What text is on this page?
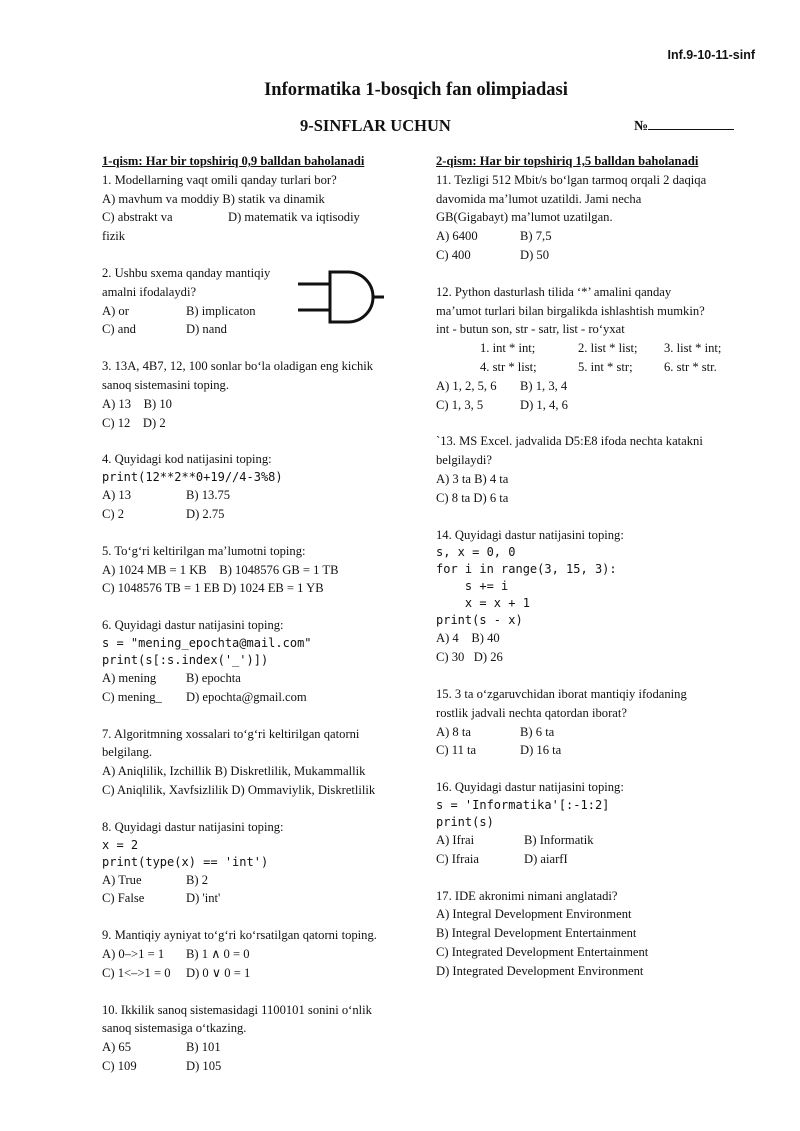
Inf.9-10-11-sinf
Informatika 1-bosqich fan olimpiadasi
9-SINFLAR UCHUN	№
1-qism: Har bir topshiriq 0,9 balldan baholanadi
1. Modellarning vaqt omili qanday turlari bor?
A) mavhum va moddiy B) statik va dinamik
C) abstrakt va fizik
D) matematik va iqtisodiy
2. Ushbu sxema qanday mantiqiy
amalni ifodalaydi?
A) or	B) implicaton
C) and	D) nand
3. 13A, 4B7, 12, 100 sonlar bo‘la oladigan eng kichik
sanoq sistemasini toping.
A) 13    B) 10
C) 12    D) 2
4. Quyidagi kod natijasini toping:
print(12**2**0+19//4-3%8)
A) 13	B) 13.75
C) 2	D) 2.75
5. To‘g‘ri keltirilgan ma’lumotni toping:
A) 1024 MB = 1 KB    B) 1048576 GB = 1 TB
C) 1048576 TB = 1 EB D) 1024 EB = 1 YB
6. Quyidagi dastur natijasini toping:
s = "mening_epochta@mail.com"
print(s[:s.index('_')])
A) mening	B) epochta
C) mening_	D) epochta@gmail.com
7. Algoritmning xossalari to‘g‘ri keltirilgan qatorni
belgilang.
A) Aniqlilik, Izchillik B) Diskretlilik, Mukammallik
C) Aniqlilik, Xavfsizlilik D) Ommaviylik, Diskretlilik
8. Quyidagi dastur natijasini toping:
x = 2
print(type(x) == 'int')
A) True	B) 2
C) False	D) 'int'
9. Mantiqiy ayniyat to‘g‘ri ko‘rsatilgan qatorni toping.
A) 0–>1 = 1	B) 1 ∧ 0 = 0
C) 1<–>1 = 0	D) 0 ∨ 0 = 1
10. Ikkilik sanoq sistemasidagi 1100101 sonini o‘nlik
sanoq sistemasiga o‘tkazing.
A) 65	B) 101
C) 109	D) 105
2-qism: Har bir topshiriq 1,5 balldan baholanadi
11. Tezligi 512 Mbit/s bo‘lgan tarmoq orqali 2 daqiqa
davomida ma’lumot uzatildi. Jami necha
GB(Gigabayt) ma’lumot uzatilgan.
A) 6400	B) 7,5
C) 400	D) 50
12. Python dasturlash tilida ‘*’ amalini qanday
ma’umot turlari bilan birgalikda ishlashtish mumkin?
int - butun son, str - satr, list - ro‘yxat
1. int * int;	2. list * list;	3. list * int;
4. str * list;	5. int * str;	6. str * str.
A) 1, 2, 5, 6	B) 1, 3, 4
C) 1, 3, 5	D) 1, 4, 6
`13. MS Excel. jadvalida D5:E8 ifoda nechta katakni
belgilaydi?
A) 3 ta B) 4 ta
C) 8 ta D) 6 ta
14. Quyidagi dastur natijasini toping:
s, x = 0, 0
for i in range(3, 15, 3):
s += i
x = x + 1
print(s - x)
A) 4    B) 40
C) 30   D) 26
15. 3 ta o‘zgaruvchidan iborat mantiqiy ifodaning
rostlik jadvali nechta qatordan iborat?
A) 8 ta	B) 6 ta
C) 11 ta	D) 16 ta
16. Quyidagi dastur natijasini toping:
s = 'Informatika'[:-1:2]
print(s)
A) Ifrai	B) Informatik
C) Ifraia	D) aiarfI
17. IDE akronimi nimani anglatadi?
A) Integral Development Environment
B) Integral Development Entertainment
C) Integrated Development Entertainment
D) Integrated Development Environment
